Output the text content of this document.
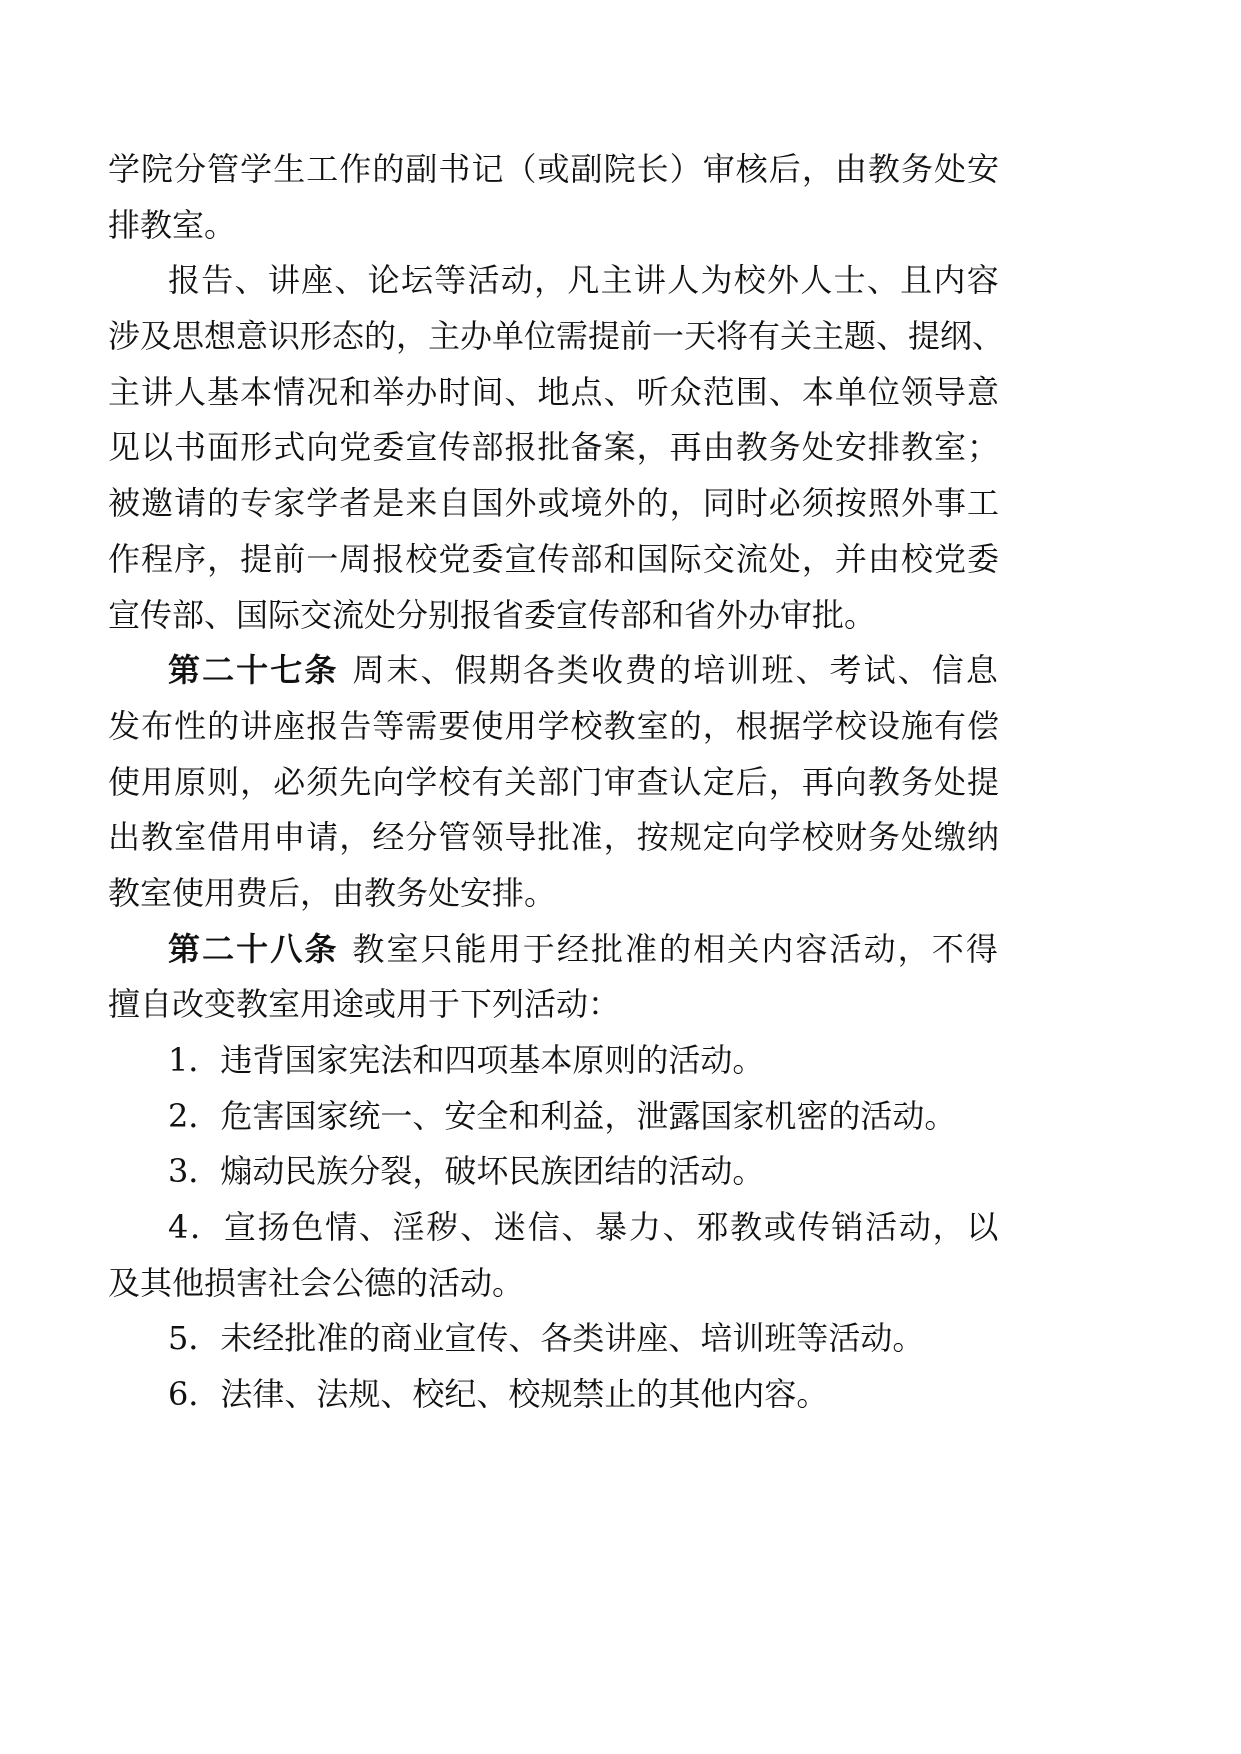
学院分管学生工作的副书记（或副院长）审核后，由教务处安
排教室。
报告、讲座、论坛等活动，凡主讲人为校外人士、且内容
涉及思想意识形态的，主办单位需提前一天将有关主题、提纲、
主讲人基本情况和举办时间、地点、听众范围、本单位领导意
见以书面形式向党委宣传部报批备案，再由教务处安排教室；
被邀请的专家学者是来自国外或境外的，同时必须按照外事工
作程序，提前一周报校党委宣传部和国际交流处，并由校党委
宣传部、国际交流处分别报省委宣传部和省外办审批。
第二十七条 周末、假期各类收费的培训班、考试、信息
发布性的讲座报告等需要使用学校教室的，根据学校设施有偿
使用原则，必须先向学校有关部门审查认定后，再向教务处提
出教室借用申请，经分管领导批准，按规定向学校财务处缴纳
教室使用费后，由教务处安排。
第二十八条 教室只能用于经批准的相关内容活动，不得
擅自改变教室用途或用于下列活动：
1．违背国家宪法和四项基本原则的活动。
2．危害国家统一、安全和利益，泄露国家机密的活动。
3．煽动民族分裂，破坏民族团结的活动。
4．宣扬色情、淫秽、迷信、暴力、邪教或传销活动，以
及其他损害社会公德的活动。
5．未经批准的商业宣传、各类讲座、培训班等活动。
6．法律、法规、校纪、校规禁止的其他内容。
